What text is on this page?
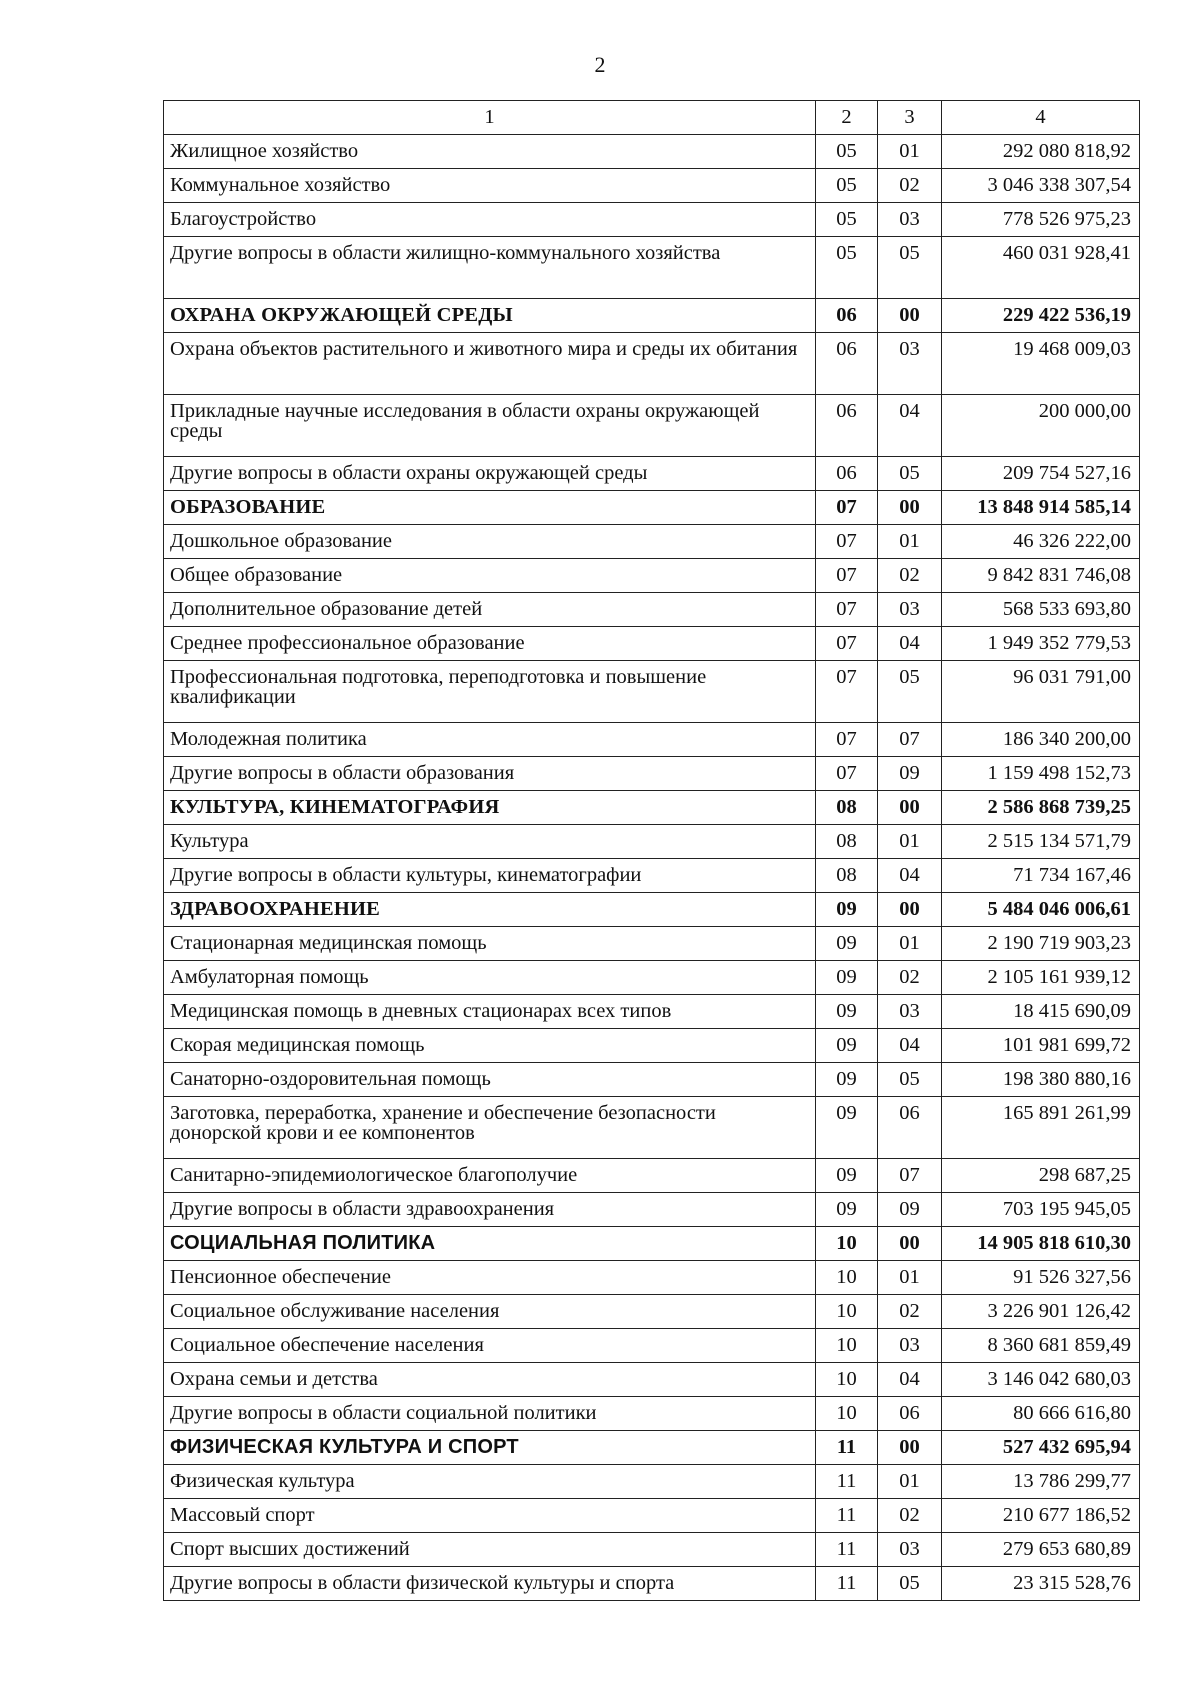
2
1	2	3	4
Жилищное хозяйство	05	01	292 080 818,92
Коммунальное хозяйство	05	02	3 046 338 307,54
Благоустройство	05	03	778 526 975,23
Другие вопросы в области жилищно-коммунального хозяйства	05	05	460 031 928,41
ОХРАНА ОКРУЖАЮЩЕЙ СРЕДЫ	06	00	229 422 536,19
Охрана объектов растительного и животного мира и среды их обитания	06	03	19 468 009,03
Прикладные научные исследования в области охраны окружающей среды	06	04	200 000,00
Другие вопросы в области охраны окружающей среды	06	05	209 754 527,16
ОБРАЗОВАНИЕ	07	00	13 848 914 585,14
Дошкольное образование	07	01	46 326 222,00
Общее образование	07	02	9 842 831 746,08
Дополнительное образование детей	07	03	568 533 693,80
Среднее профессиональное образование	07	04	1 949 352 779,53
Профессиональная подготовка, переподготовка и повышение квалификации	07	05	96 031 791,00
Молодежная политика	07	07	186 340 200,00
Другие вопросы в области образования	07	09	1 159 498 152,73
КУЛЬТУРА, КИНЕМАТОГРАФИЯ	08	00	2 586 868 739,25
Культура	08	01	2 515 134 571,79
Другие вопросы в области культуры, кинематографии	08	04	71 734 167,46
ЗДРАВООХРАНЕНИЕ	09	00	5 484 046 006,61
Стационарная медицинская помощь	09	01	2 190 719 903,23
Амбулаторная помощь	09	02	2 105 161 939,12
Медицинская помощь в дневных стационарах всех типов	09	03	18 415 690,09
Скорая медицинская помощь	09	04	101 981 699,72
Санаторно-оздоровительная помощь	09	05	198 380 880,16
Заготовка, переработка, хранение и обеспечение безопасности донорской крови и ее компонентов	09	06	165 891 261,99
Санитарно-эпидемиологическое благополучие	09	07	298 687,25
Другие вопросы в области здравоохранения	09	09	703 195 945,05
СОЦИАЛЬНАЯ ПОЛИТИКА	10	00	14 905 818 610,30
Пенсионное обеспечение	10	01	91 526 327,56
Социальное обслуживание населения	10	02	3 226 901 126,42
Социальное обеспечение населения	10	03	8 360 681 859,49
Охрана семьи и детства	10	04	3 146 042 680,03
Другие вопросы в области социальной политики	10	06	80 666 616,80
ФИЗИЧЕСКАЯ КУЛЬТУРА И СПОРТ	11	00	527 432 695,94
Физическая культура	11	01	13 786 299,77
Массовый спорт	11	02	210 677 186,52
Спорт высших достижений	11	03	279 653 680,89
Другие вопросы в области физической культуры и спорта	11	05	23 315 528,76
